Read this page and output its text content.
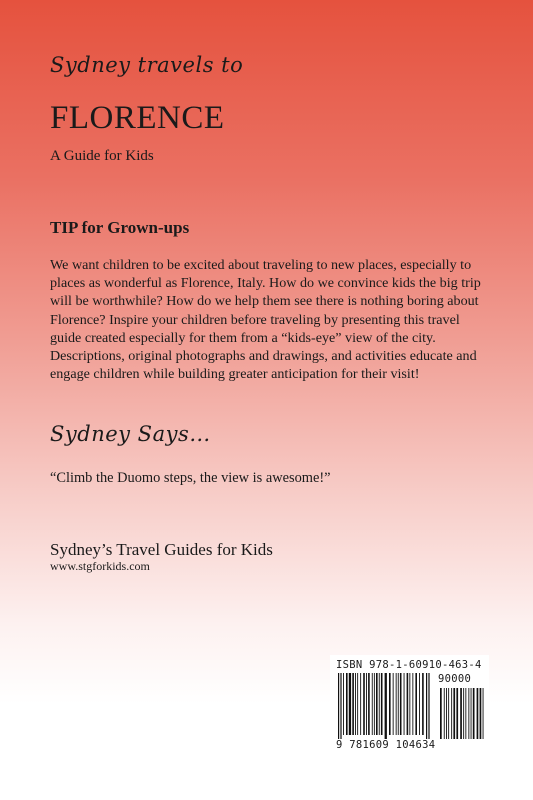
Sydney travels to
FLORENCE
A Guide for Kids
TIP for Grown-ups

We want children to be excited about traveling to new places, especially to places as wonderful as Florence, Italy. How do we convince kids the big trip will be worthwhile? How do we help them see there is nothing boring about Florence? Inspire your children before traveling by presenting this travel guide created especially for them from a “kids-eye” view of the city. Descriptions, original photographs and drawings, and activities educate and engage children while building greater anticipation for their visit!

Sydney Says…
“Climb the Duomo steps, the view is awesome!”
Sydney’s Travel Guides for Kids
www.stgforkids.com
ISBN 978-1-60910-463-4
90000
9 781609 104634
